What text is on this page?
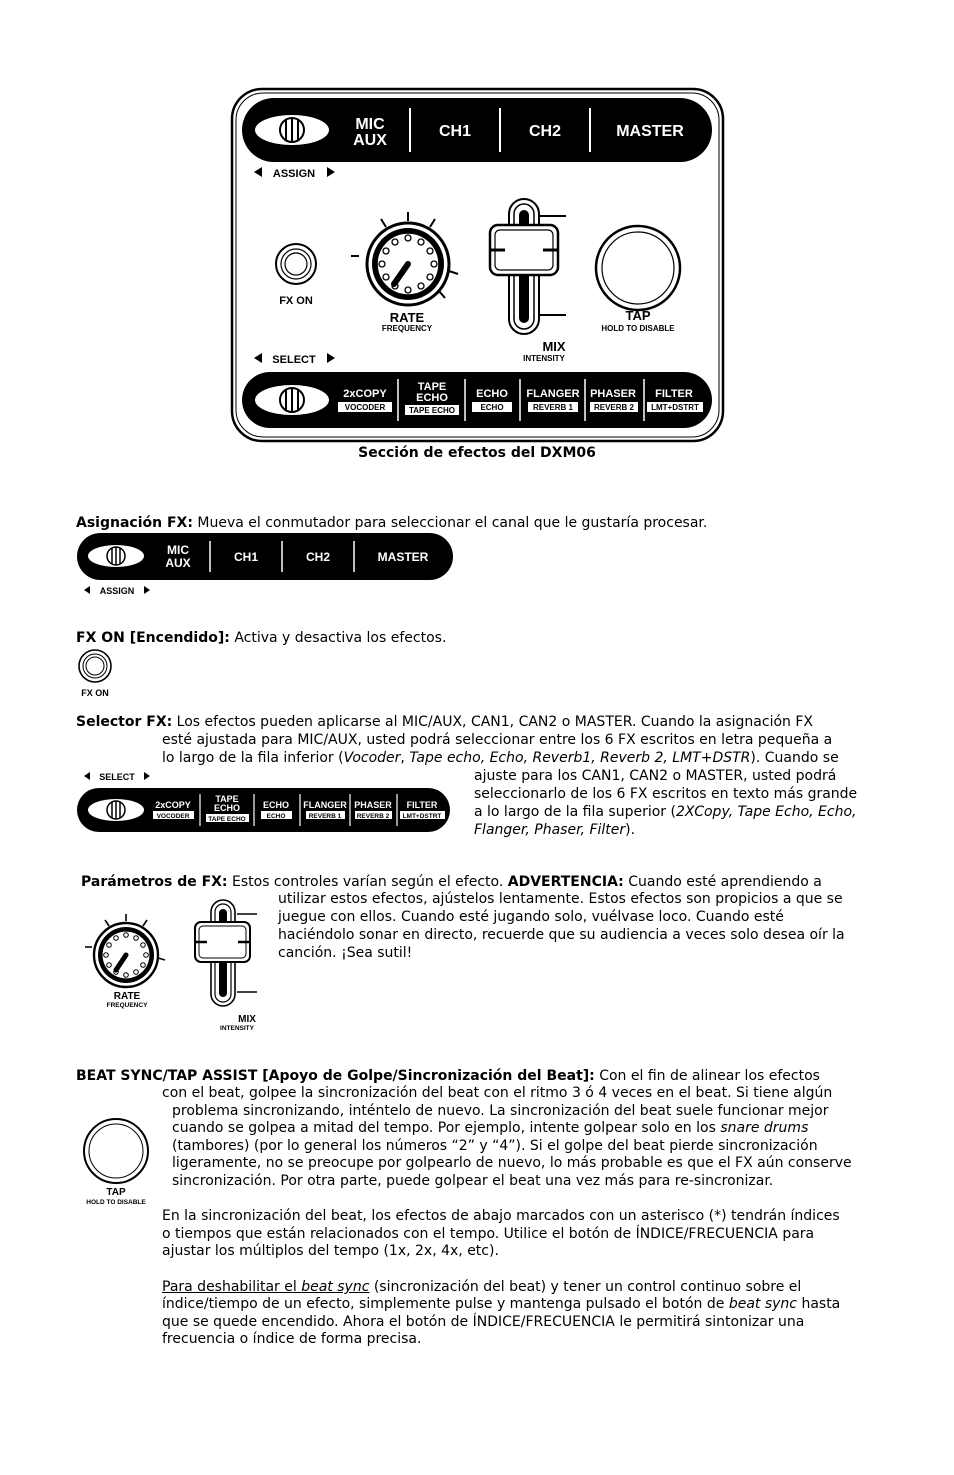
MIC
AUX
CH1	CH2	MASTER
ASSIGN
FX ON
RATE
FREQUENCY
MIX
INTENSITY
TAP
HOLD TO DISABLE
SELECT
2xCOPY
VOCODER
TAPE
ECHO
TAPE ECHO
ECHO
ECHO
FLANGER
REVERB 1
PHASER
REVERB 2
FILTER
LMT+DSTRT
Sección de efectos del DXM06

Asignación FX: Mueva el conmutador para seleccionar el canal que le gustaría procesar.

MIC
AUX	CH1	CH2	MASTER
ASSIGN

FX ON [Encendido]: Activa y desactiva los efectos.

FX ON

Selector FX: Los efectos pueden aplicarse al MIC/AUX, CAN1, CAN2 o MASTER. Cuando la asignación FX

esté ajustada para MIC/AUX, usted podrá seleccionar entre los 6 FX escritos en letra pequeña a

lo largo de la fila inferior (Vocoder, Tape echo, Echo, Reverb1, Reverb 2, LMT+DSTR). Cuando se

ajuste para los CAN1, CAN2 o MASTER, usted podrá

seleccionarlo de los 6 FX escritos en texto más grande

a lo largo de la fila superior (2XCopy, Tape Echo, Echo,

Flanger, Phaser, Filter).

SELECT
2xCOPY
VOCODER
TAPE
ECHO
TAPE ECHO
ECHO
ECHO
FLANGER
REVERB 1
PHASER
REVERB 2
FILTER
LMT+DSTRT

Parámetros de FX: Estos controles varían según el efecto. ADVERTENCIA: Cuando esté aprendiendo a

utilizar estos efectos, ajústelos lentamente. Estos efectos son propicios a que se

juegue con ellos. Cuando esté jugando solo, vuélvase loco. Cuando esté

haciéndolo sonar en directo, recuerde que su audiencia a veces solo desea oír la

canción. ¡Sea sutil!

RATE
FREQUENCY
MIX
INTENSITY

BEAT SYNC/TAP ASSIST [Apoyo de Golpe/Sincronización del Beat]: Con el fin de alinear los efectos

con el beat, golpee la sincronización del beat con el ritmo 3 ó 4 veces en el beat. Si tiene algún

problema sincronizando, inténtelo de nuevo. La sincronización del beat suele funcionar mejor

cuando se golpea a mitad del tempo. Por ejemplo, intente golpear solo en los snare drums

(tambores) (por lo general los números “2” y “4”). Si el golpe del beat pierde sincronización

ligeramente, no se preocupe por golpearlo de nuevo, lo más probable es que el FX aún conserve

sincronización. Por otra parte, puede golpear el beat una vez más para re-sincronizar.

TAP
HOLD TO DISABLE

En la sincronización del beat, los efectos de abajo marcados con un asterisco (*) tendrán índices

o tiempos que están relacionados con el tempo. Utilice el botón de ÍNDICE/FRECUENCIA para

ajustar los múltiplos del tempo (1x, 2x, 4x, etc).

Para deshabilitar el beat sync (sincronización del beat) y tener un control continuo sobre el

índice/tiempo de un efecto, simplemente pulse y mantenga pulsado el botón de beat sync hasta

que se quede encendido. Ahora el botón de ÍNDICE/FRECUENCIA le permitirá sintonizar una

frecuencia o índice de forma precisa.
